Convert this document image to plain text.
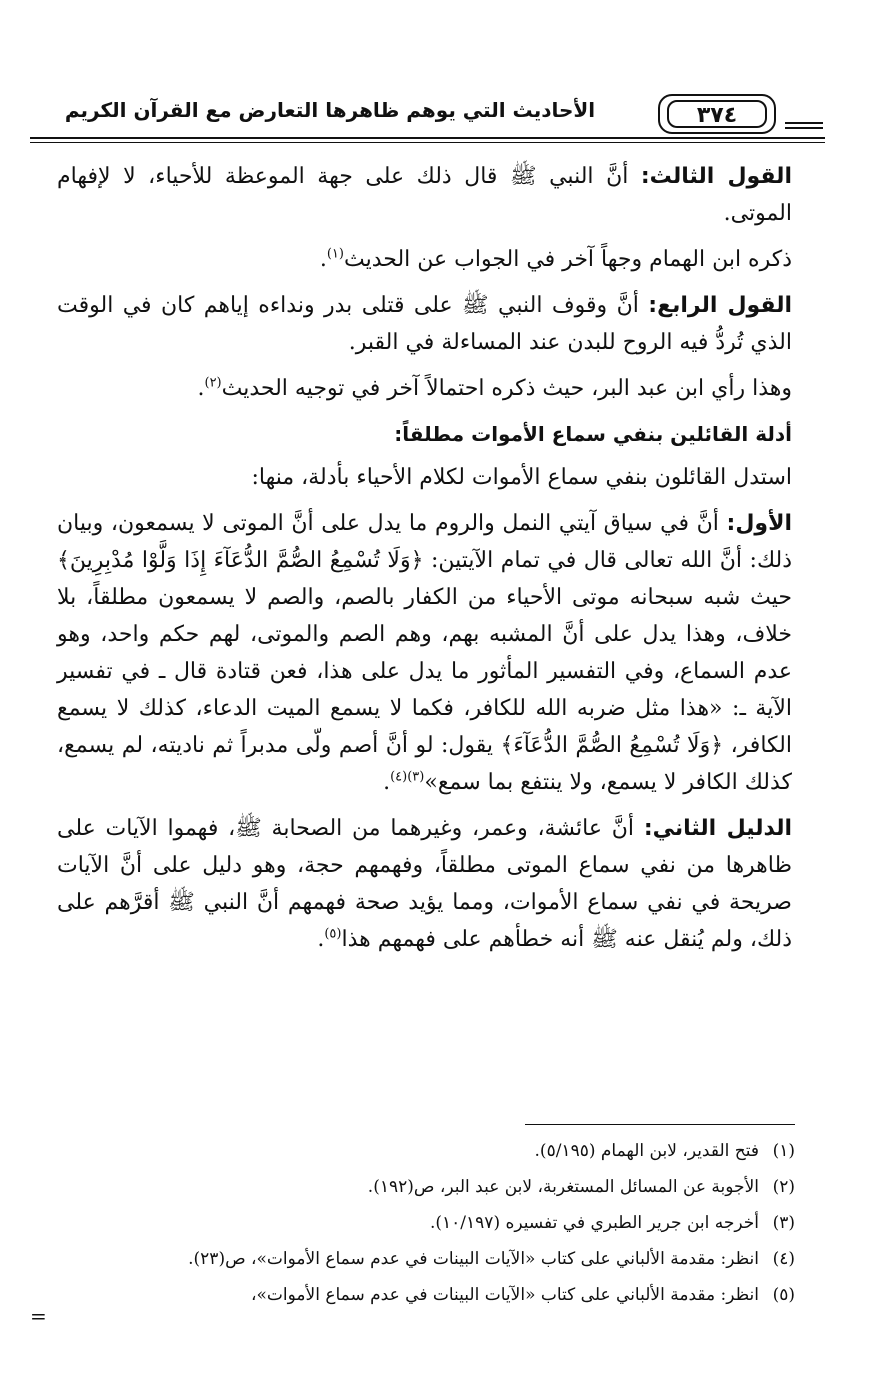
الأحاديث التي يوهم ظاهرها التعارض مع القرآن الكريم	٣٧٤

القول الثالث: أنَّ النبي ﷺ قال ذلك على جهة الموعظة للأحياء، لا لإفهام الموتى.

ذكره ابن الهمام وجهاً آخر في الجواب عن الحديث$^{(١)}$.

القول الرابع: أنَّ وقوف النبي ﷺ على قتلى بدر ونداءه إياهم كان في الوقت الذي تُردُّ فيه الروح للبدن عند المساءلة في القبر.

وهذا رأي ابن عبد البر، حيث ذكره احتمالاً آخر في توجيه الحديث$^{(٢)}$.

أدلة القائلين بنفي سماع الأموات مطلقاً:

استدل القائلون بنفي سماع الأموات لكلام الأحياء بأدلة، منها:

الأول: أنَّ في سياق آيتي النمل والروم ما يدل على أنَّ الموتى لا يسمعون، وبيان ذلك: أنَّ الله تعالى قال في تمام الآيتين: ﴿وَلَا تُسْمِعُ الصُّمَّ الدُّعَآءَ إِذَا وَلَّوْا مُدْبِرِينَ﴾ حيث شبه سبحانه موتى الأحياء من الكفار بالصم، والصم لا يسمعون مطلقاً، بلا خلاف، وهذا يدل على أنَّ المشبه بهم، وهم الصم والموتى، لهم حكم واحد، وهو عدم السماع، وفي التفسير المأثور ما يدل على هذا، فعن قتادة قال ـ في تفسير الآية ـ: «هذا مثل ضربه الله للكافر، فكما لا يسمع الميت الدعاء، كذلك لا يسمع الكافر، ﴿وَلَا تُسْمِعُ الصُّمَّ الدُّعَآءَ﴾ يقول: لو أنَّ أصم ولّى مدبراً ثم ناديته، لم يسمع، كذلك الكافر لا يسمع، ولا ينتفع بما سمع»$^{(٣)(٤)}$.

الدليل الثاني: أنَّ عائشة، وعمر، وغيرهما من الصحابة ﷺ، فهموا الآيات على ظاهرها من نفي سماع الموتى مطلقاً، وفهمهم حجة، وهو دليل على أنَّ الآيات صريحة في نفي سماع الأموات، ومما يؤيد صحة فهمهم أنَّ النبي ﷺ أقرَّهم على ذلك، ولم يُنقل عنه ﷺ أنه خطأهم على فهمهم هذا$^{(٥)}$.

(١)فتح القدير، لابن الهمام (٥/١٩٥).

(٢)الأجوبة عن المسائل المستغربة، لابن عبد البر، ص(١٩٢).

(٣)أخرجه ابن جرير الطبري في تفسيره (١٠/١٩٧).

(٤)انظر: مقدمة الألباني على كتاب «الآيات البينات في عدم سماع الأموات»، ص(٢٣).

(٥)انظر: مقدمة الألباني على كتاب «الآيات البينات في عدم سماع الأموات»،

=
